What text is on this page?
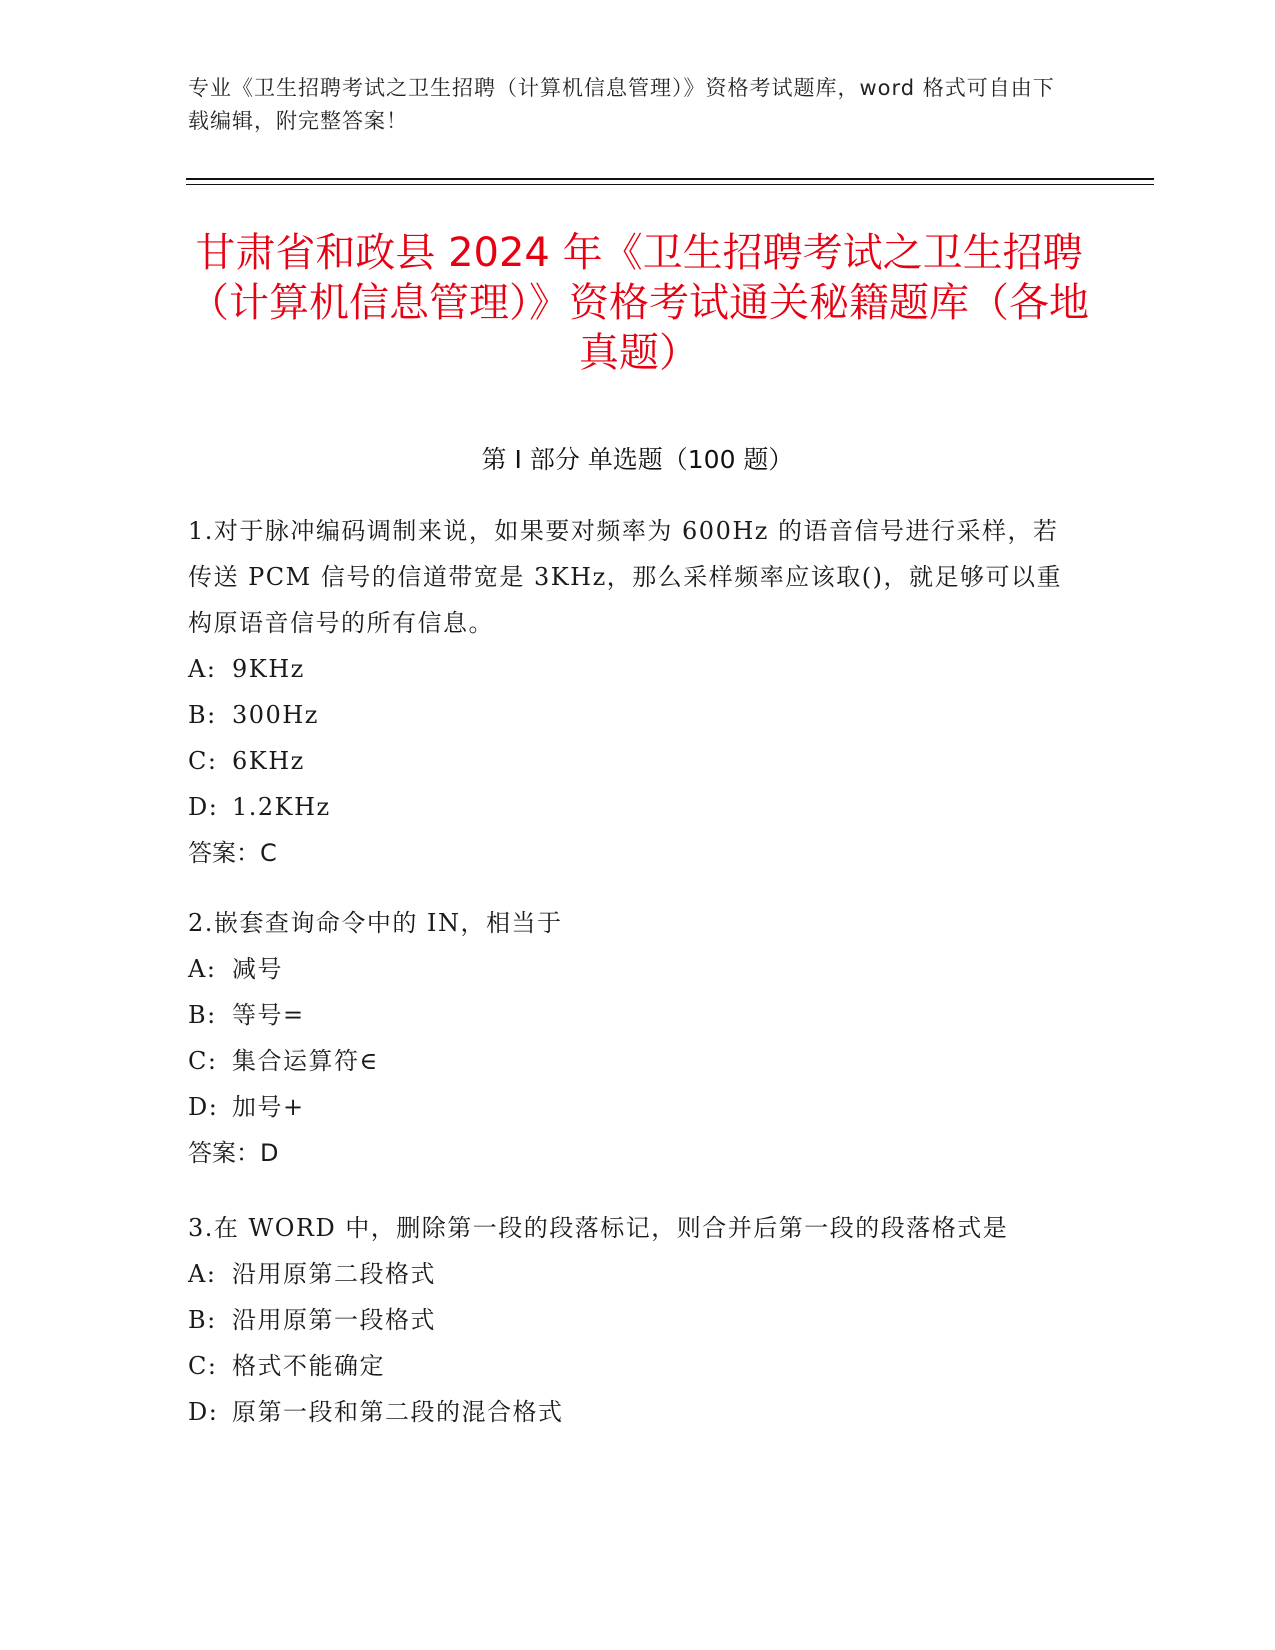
专业《卫生招聘考试之卫生招聘（计算机信息管理）》资格考试题库，word 格式可自由下载编辑，附完整答案！
甘肃省和政县 2024 年《卫生招聘考试之卫生招聘（计算机信息管理）》资格考试通关秘籍题库（各地真题）
第 I 部分 单选题（100 题）
1.对于脉冲编码调制来说，如果要对频率为 600Hz 的语音信号进行采样，若传送 PCM 信号的信道带宽是 3KHz，那么采样频率应该取()，就足够可以重构原语音信号的所有信息。
A: 9KHz
B: 300Hz
C: 6KHz
D: 1.2KHz
答案：C
2.嵌套查询命令中的 IN，相当于
A: 减号
B: 等号=
C: 集合运算符∈
D: 加号+
答案：D
3.在 WORD 中，删除第一段的段落标记，则合并后第一段的段落格式是
A: 沿用原第二段格式
B: 沿用原第一段格式
C: 格式不能确定
D: 原第一段和第二段的混合格式
